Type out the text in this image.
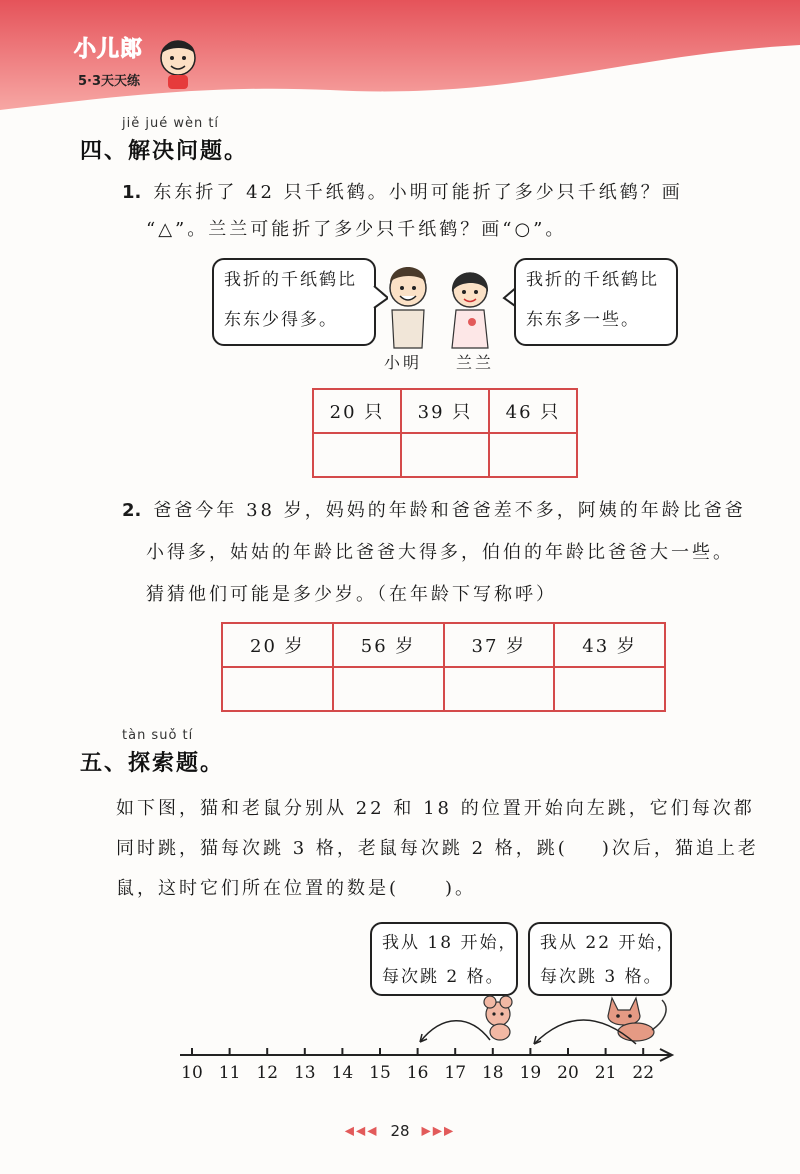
小儿郎
5·3天天练
jiě jué wèn tí
四、解决问题。
1. 东东折了 42 只千纸鹤。小明可能折了多少只千纸鹤？画
“△”。兰兰可能折了多少只千纸鹤？画“○”。
我折的千纸鹤比
东东少得多。
我折的千纸鹤比
东东多一些。
小明 兰兰
20 只	39 只	46 只

2. 爸爸今年 38 岁，妈妈的年龄和爸爸差不多，阿姨的年龄比爸爸
小得多，姑姑的年龄比爸爸大得多，伯伯的年龄比爸爸大一些。
猜猜他们可能是多少岁。（在年龄下写称呼）
20 岁	56 岁	37 岁	43 岁

tàn suǒ tí
五、探索题。
如下图，猫和老鼠分别从 22 和 18 的位置开始向左跳，它们每次都
同时跳，猫每次跳 3 格，老鼠每次跳 2 格，跳( )次后，猫追上老
鼠，这时它们所在位置的数是(	)。
我从 18 开始，
每次跳 2 格。
我从 22 开始，
每次跳 3 格。
10 11 12 13 14 15 16 17 18 19 20 21 22
◀◀◀ 28 ▶▶▶
